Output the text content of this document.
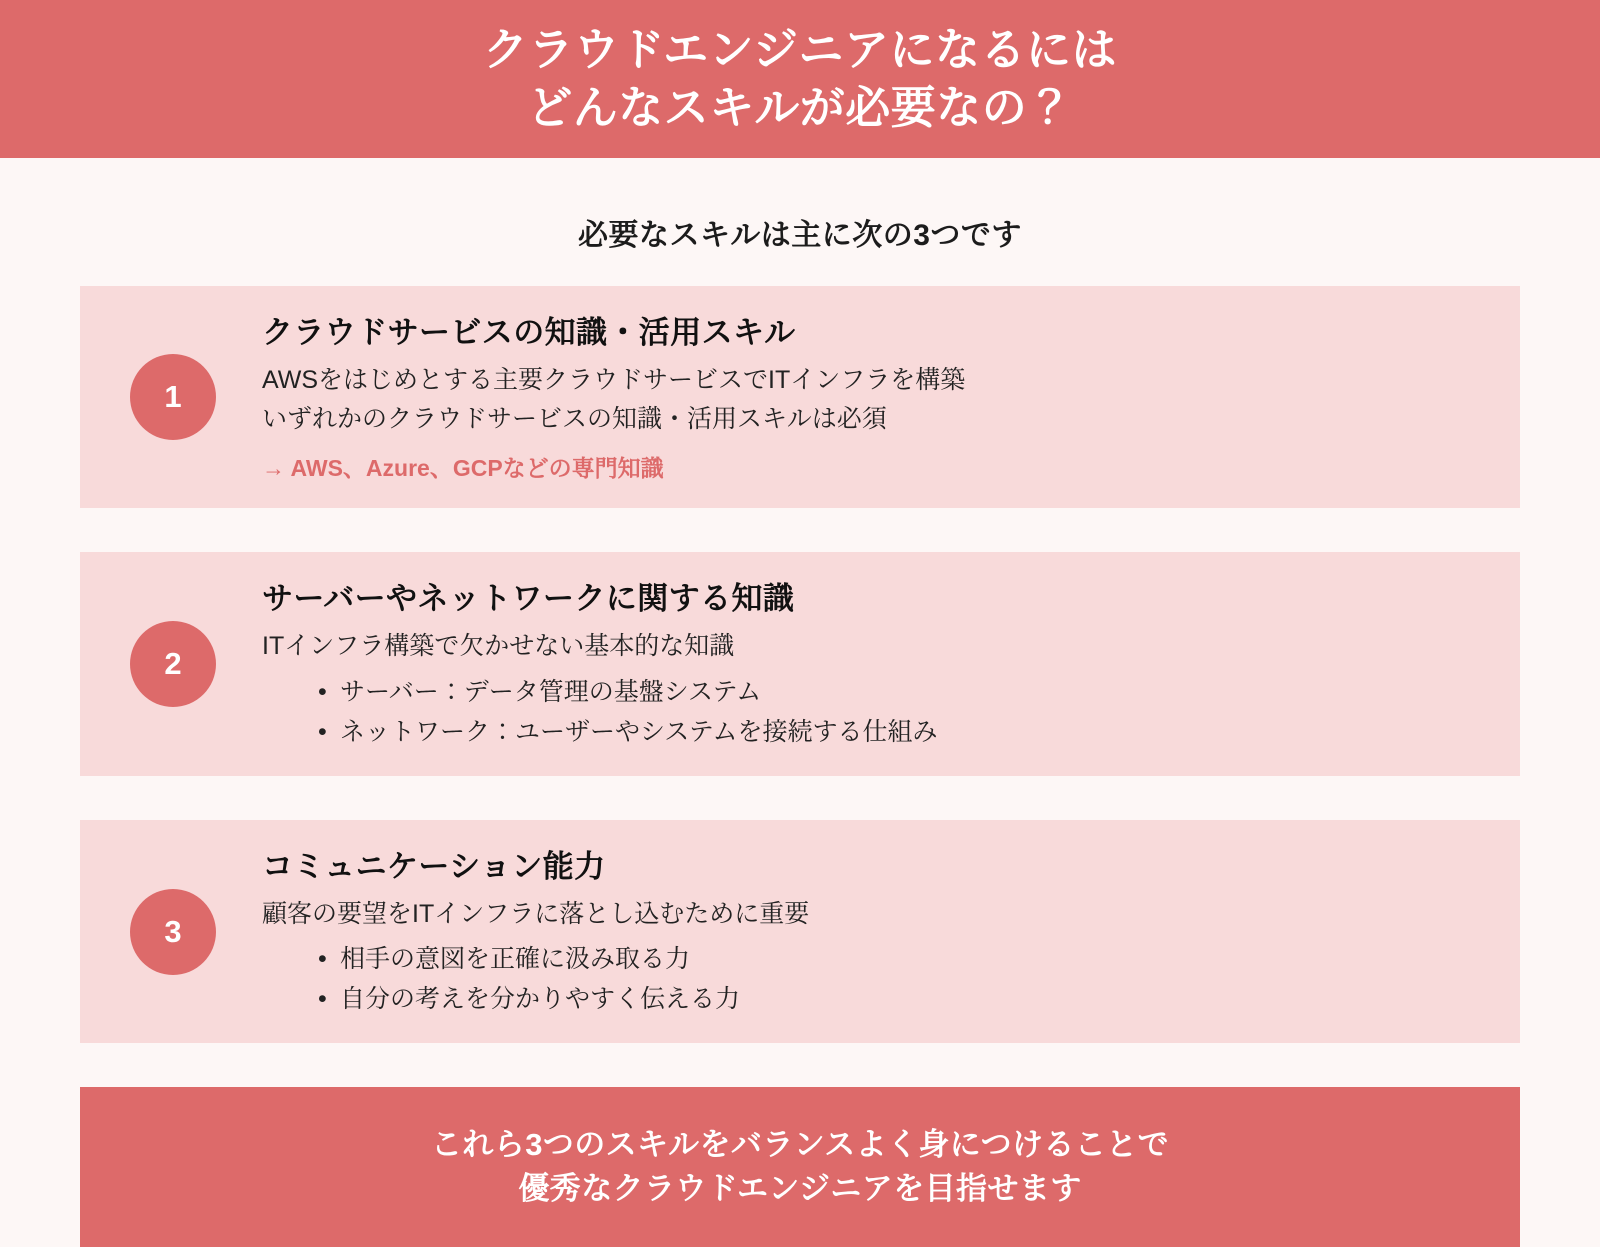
クラウドエンジニアになるには
どんなスキルが必要なの？
必要なスキルは主に次の3つです
1
クラウドサービスの知識・活用スキル

AWSをはじめとする主要クラウドサービスでITインフラを構築

いずれかのクラウドサービスの知識・活用スキルは必須

→ AWS、Azure、GCPなどの専門知識
2
サーバーやネットワークに関する知識

ITインフラ構築で欠かせない基本的な知識

• サーバー：データ管理の基盤システム
• ネットワーク：ユーザーやシステムを接続する仕組み
3
コミュニケーション能力

顧客の要望をITインフラに落とし込むために重要

• 相手の意図を正確に汲み取る力
• 自分の考えを分かりやすく伝える力
これら3つのスキルをバランスよく身につけることで
優秀なクラウドエンジニアを目指せます
